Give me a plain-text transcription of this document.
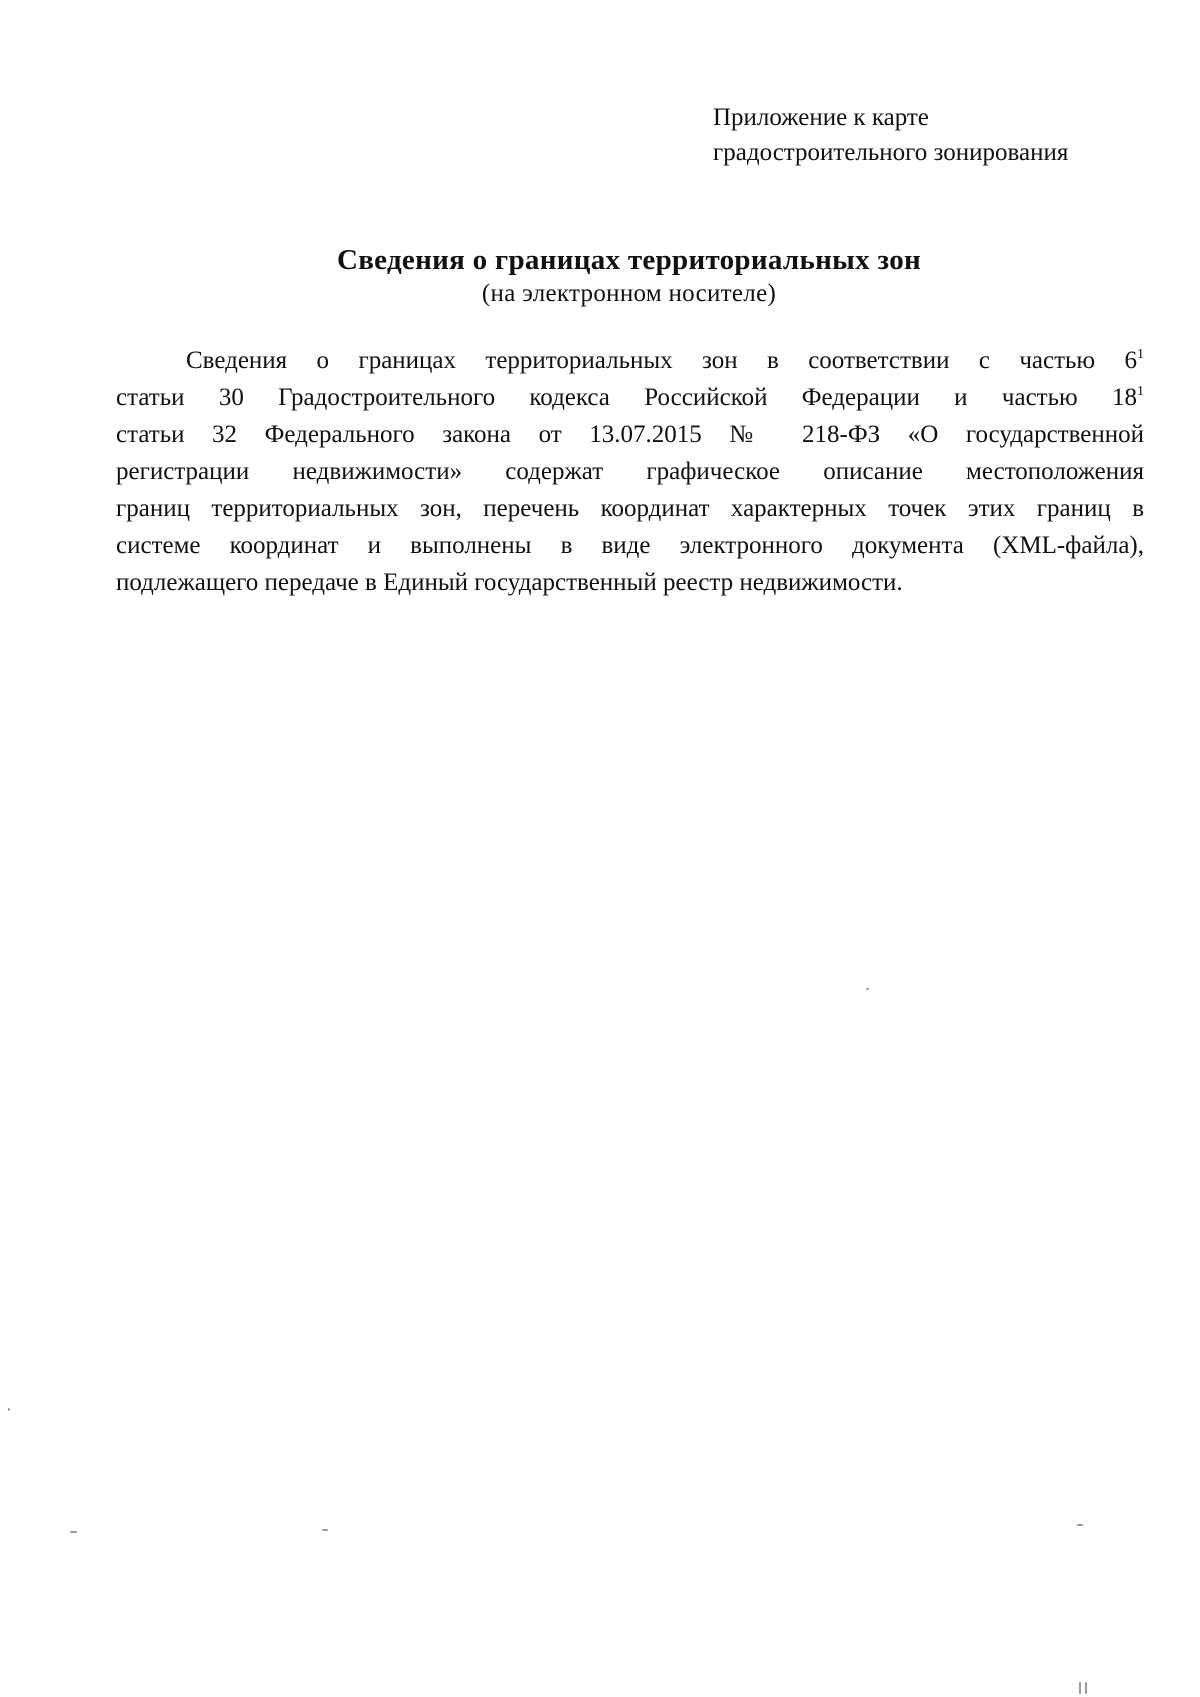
Приложение к карте
градостроительного зонирования
Сведения о границах территориальных зон
(на электронном носителе)
Сведения о границах территориальных зон в соответствии с частью $6^1$
статьи 30 Градостроительного кодекса Российской Федерации и частью $18^1$
статьи 32 Федерального закона от 13.07.2015 № 218-ФЗ «О государственной
регистрации недвижимости» содержат графическое описание местоположения
границ территориальных зон, перечень координат характерных точек этих границ в
системе координат и выполнены в виде электронного документа (XML-файла),
подлежащего передаче в Единый государственный реестр недвижимости.
